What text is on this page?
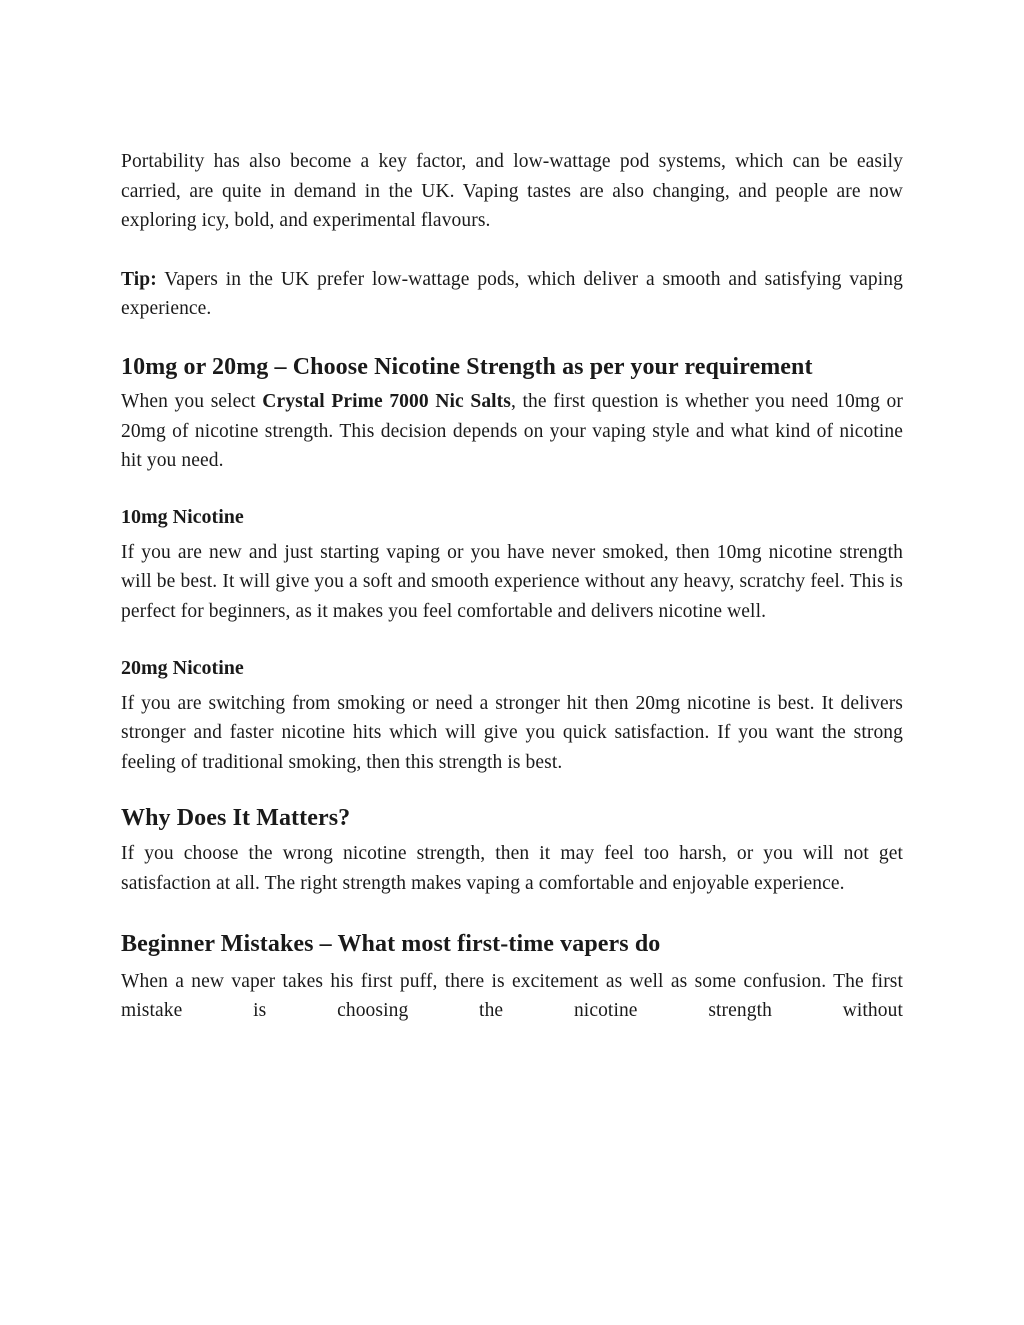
Portability has also become a key factor, and low-wattage pod systems, which can be easily carried, are quite in demand in the UK. Vaping tastes are also changing, and people are now exploring icy, bold, and experimental flavours.

Tip: Vapers in the UK prefer low-wattage pods, which deliver a smooth and satisfying vaping experience.

10mg or 20mg – Choose Nicotine Strength as per your requirement

When you select Crystal Prime 7000 Nic Salts, the first question is whether you need 10mg or 20mg of nicotine strength. This decision depends on your vaping style and what kind of nicotine hit you need.

10mg Nicotine

If you are new and just starting vaping or you have never smoked, then 10mg nicotine strength will be best. It will give you a soft and smooth experience without any heavy, scratchy feel. This is perfect for beginners, as it makes you feel comfortable and delivers nicotine well.

20mg Nicotine

If you are switching from smoking or need a stronger hit then 20mg nicotine is best. It delivers stronger and faster nicotine hits which will give you quick satisfaction. If you want the strong feeling of traditional smoking, then this strength is best.

Why Does It Matters?

If you choose the wrong nicotine strength, then it may feel too harsh, or you will not get satisfaction at all. The right strength makes vaping a comfortable and enjoyable experience.

Beginner Mistakes – What most first-time vapers do

When a new vaper takes his first puff, there is excitement as well as some confusion. The first mistake is choosing the nicotine strength without
